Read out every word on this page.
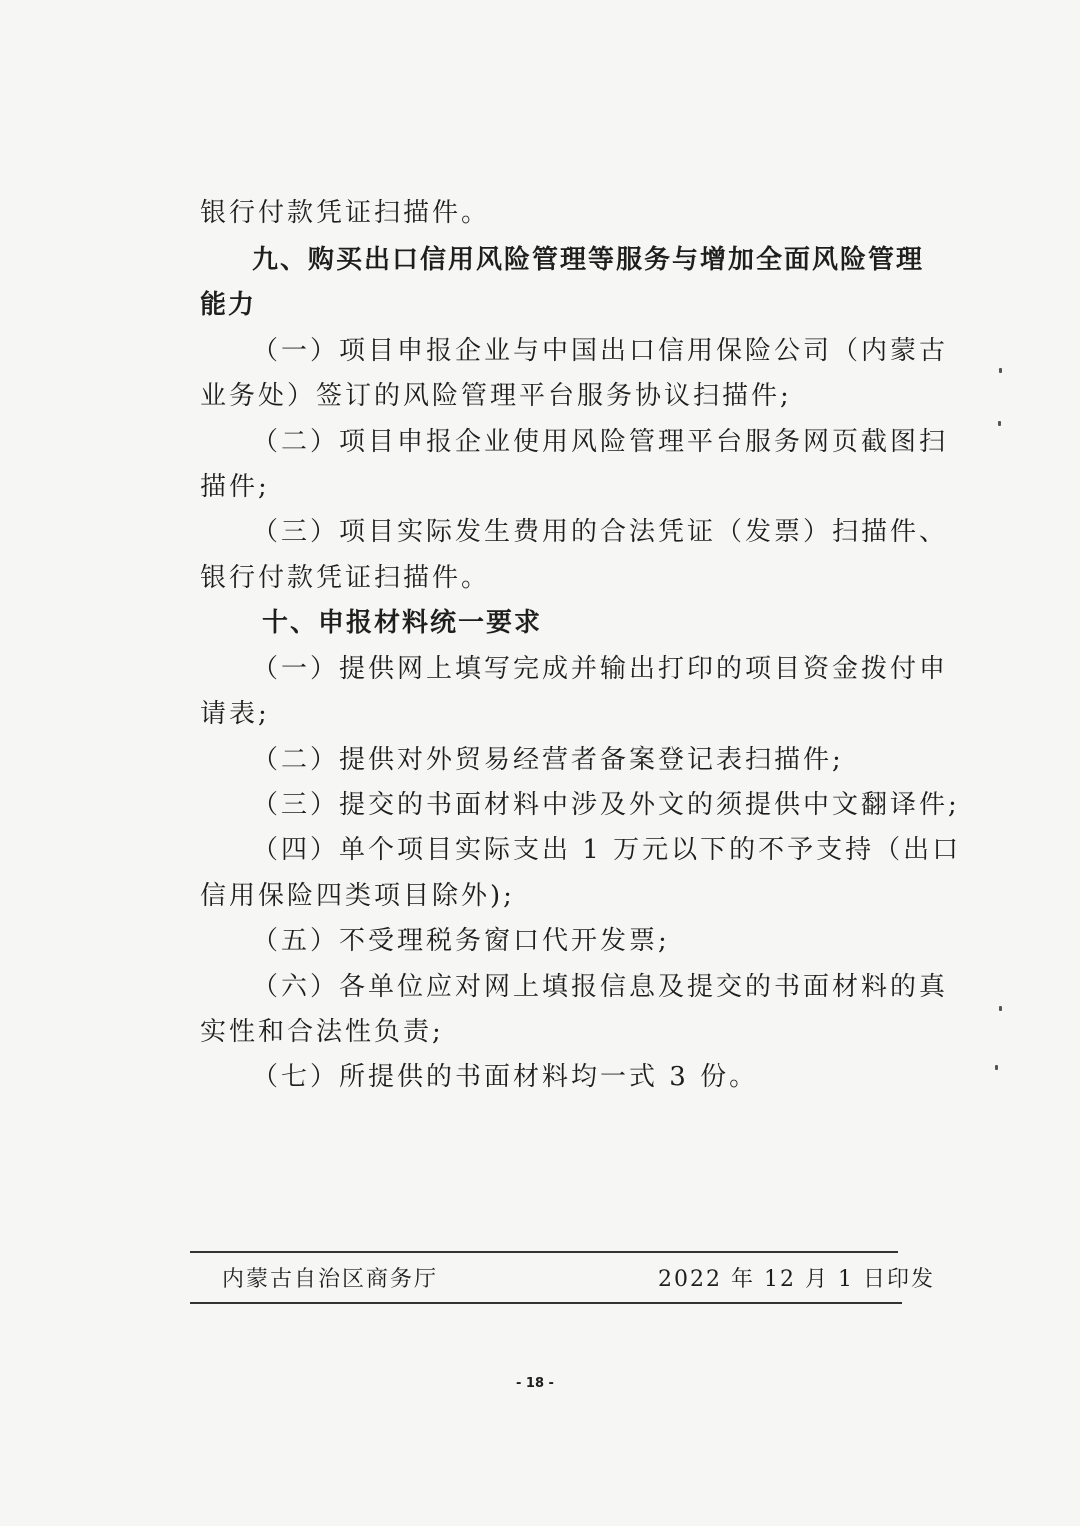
银行付款凭证扫描件。
九、购买出口信用风险管理等服务与增加全面风险管理
能力
（一）项目申报企业与中国出口信用保险公司（内蒙古
业务处）签订的风险管理平台服务协议扫描件;
（二）项目申报企业使用风险管理平台服务网页截图扫
描件;
（三）项目实际发生费用的合法凭证（发票）扫描件、
银行付款凭证扫描件。
十、申报材料统一要求
（一）提供网上填写完成并输出打印的项目资金拨付申
请表;
（二）提供对外贸易经营者备案登记表扫描件;
（三）提交的书面材料中涉及外文的须提供中文翻译件;
（四）单个项目实际支出 1 万元以下的不予支持（出口
信用保险四类项目除外);
（五）不受理税务窗口代开发票;
（六）各单位应对网上填报信息及提交的书面材料的真
实性和合法性负责;
（七）所提供的书面材料均一式 3 份。
内蒙古自治区商务厅	2022 年 12 月 1 日印发
- 18 -
